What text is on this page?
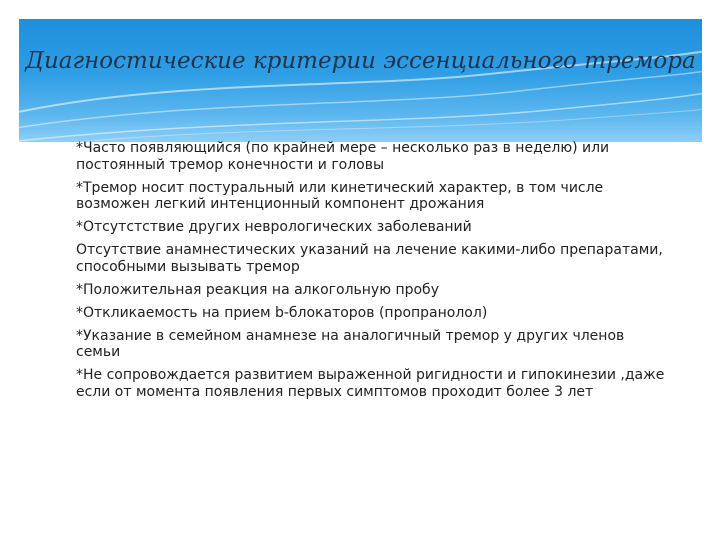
Диагностические критерии эссенциального тремора
*Часто появляющийся (по крайней мере – несколько раз в неделю) или постоянный тремор конечности и головы
*Тремор носит постуральный или кинетический характер, в том числе возможен легкий интенционный компонент дрожания
*Отсутстствие других неврологических заболеваний
Отсутствие анамнестических указаний на лечение какими-либо препаратами, способными вызывать тремор
*Положительная реакция на алкогольную пробу
*Откликаемость на прием b-блокаторов (пропранолол)
*Указание в семейном анамнезе на аналогичный тремор у других членов семьи
*Не сопровождается развитием выраженной ригидности и гипокинезии ,даже если от момента появления первых симптомов проходит более 3 лет
